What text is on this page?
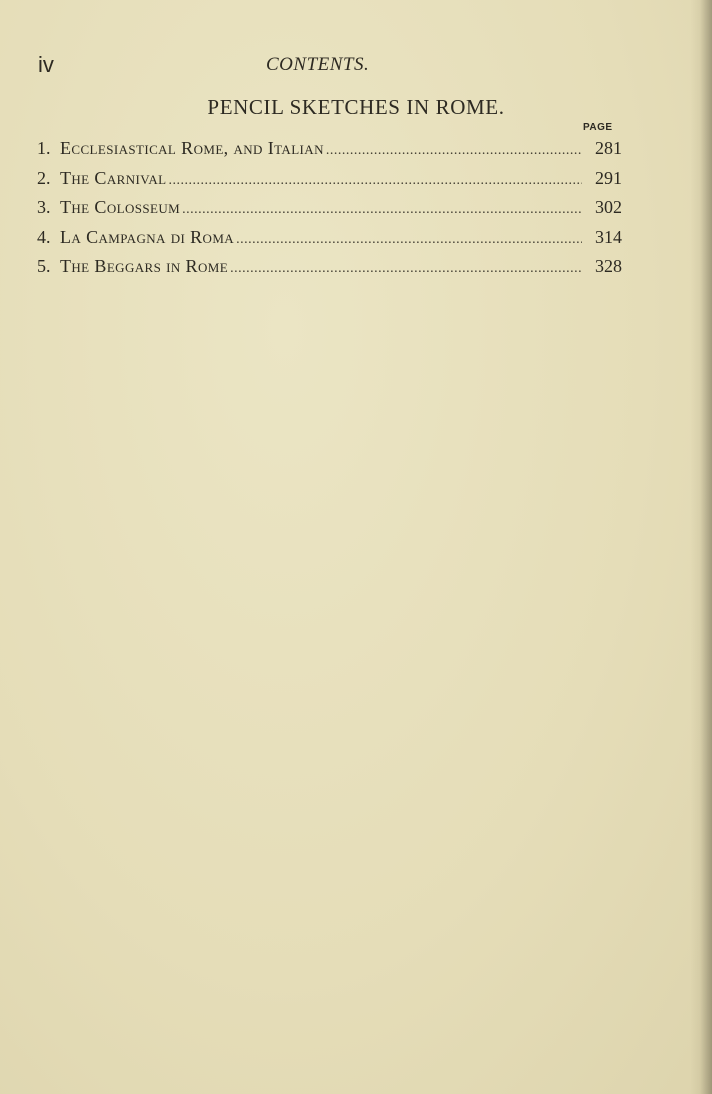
iv	CONTENTS.
PENCIL SKETCHES IN ROME.
PAGE
1. Ecclesiastical Rome, and Italian . . .	281
2. The Carnival . . .	291
3. The Colosseum . . .	302
4. La Campagna di Roma . . .	314
5. The Beggars in Rome . . .	328
